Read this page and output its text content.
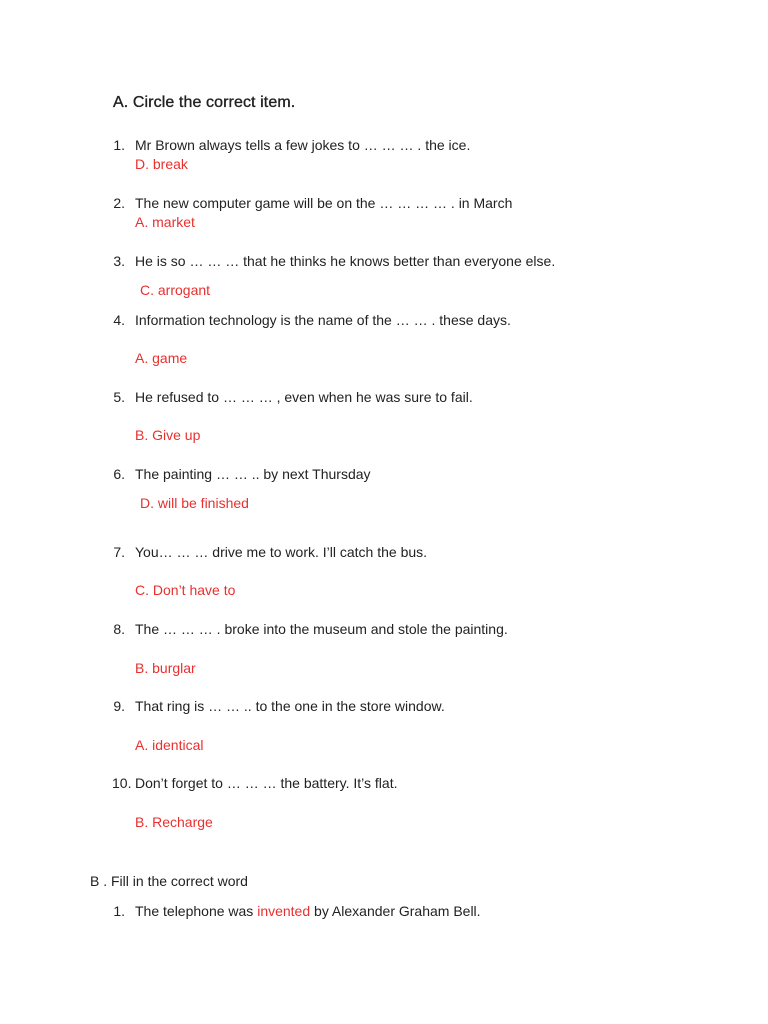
A. Circle the correct item.
1. Mr Brown always tells a few jokes to … … … . the ice.
D. break
2. The new computer game will be on the … … … … . in March
A. market
3. He is so … … … that he thinks he knows better than everyone else.
C. arrogant
4. Information technology is the name of the … … . these days.
A. game
5. He refused to … … … , even when he was sure to fail.
B. Give up
6. The painting … … .. by next Thursday
D. will be finished
7. You… … … drive me to work. I’ll catch the bus.
C. Don’t have to
8. The … … … . broke into the museum and stole the painting.
B. burglar
9. That ring is … … .. to the one in the store window.
A. identical
10. Don’t forget to … … … the battery. It’s flat.
B. Recharge
B . Fill in the correct word
1. The telephone was invented by Alexander Graham Bell.
